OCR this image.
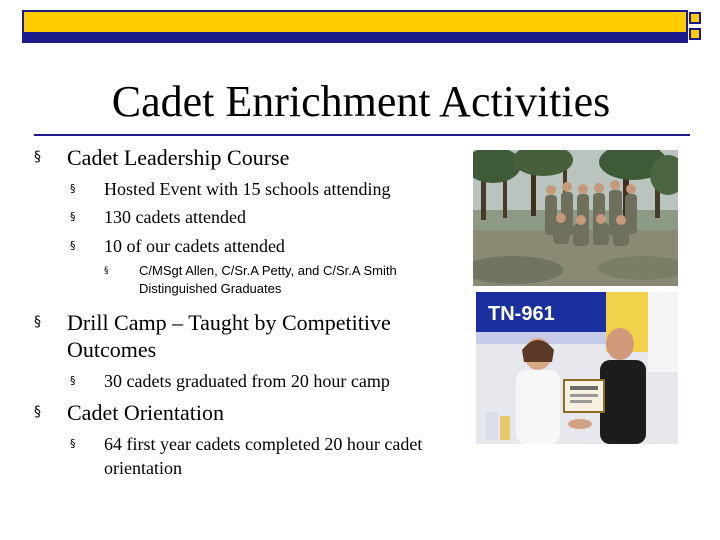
Cadet Enrichment Activities
§ Cadet Leadership Course
§ Hosted Event with 15 schools attending
§ 130 cadets attended
§ 10 of our cadets attended
§ C/MSgt Allen, C/Sr.A Petty, and C/Sr.A Smith Distinguished Graduates
§ Drill Camp – Taught by Competitive Outcomes
§ 30 cadets graduated from 20 hour camp
§ Cadet Orientation
§ 64 first year cadets completed 20 hour cadet orientation
TN-961
